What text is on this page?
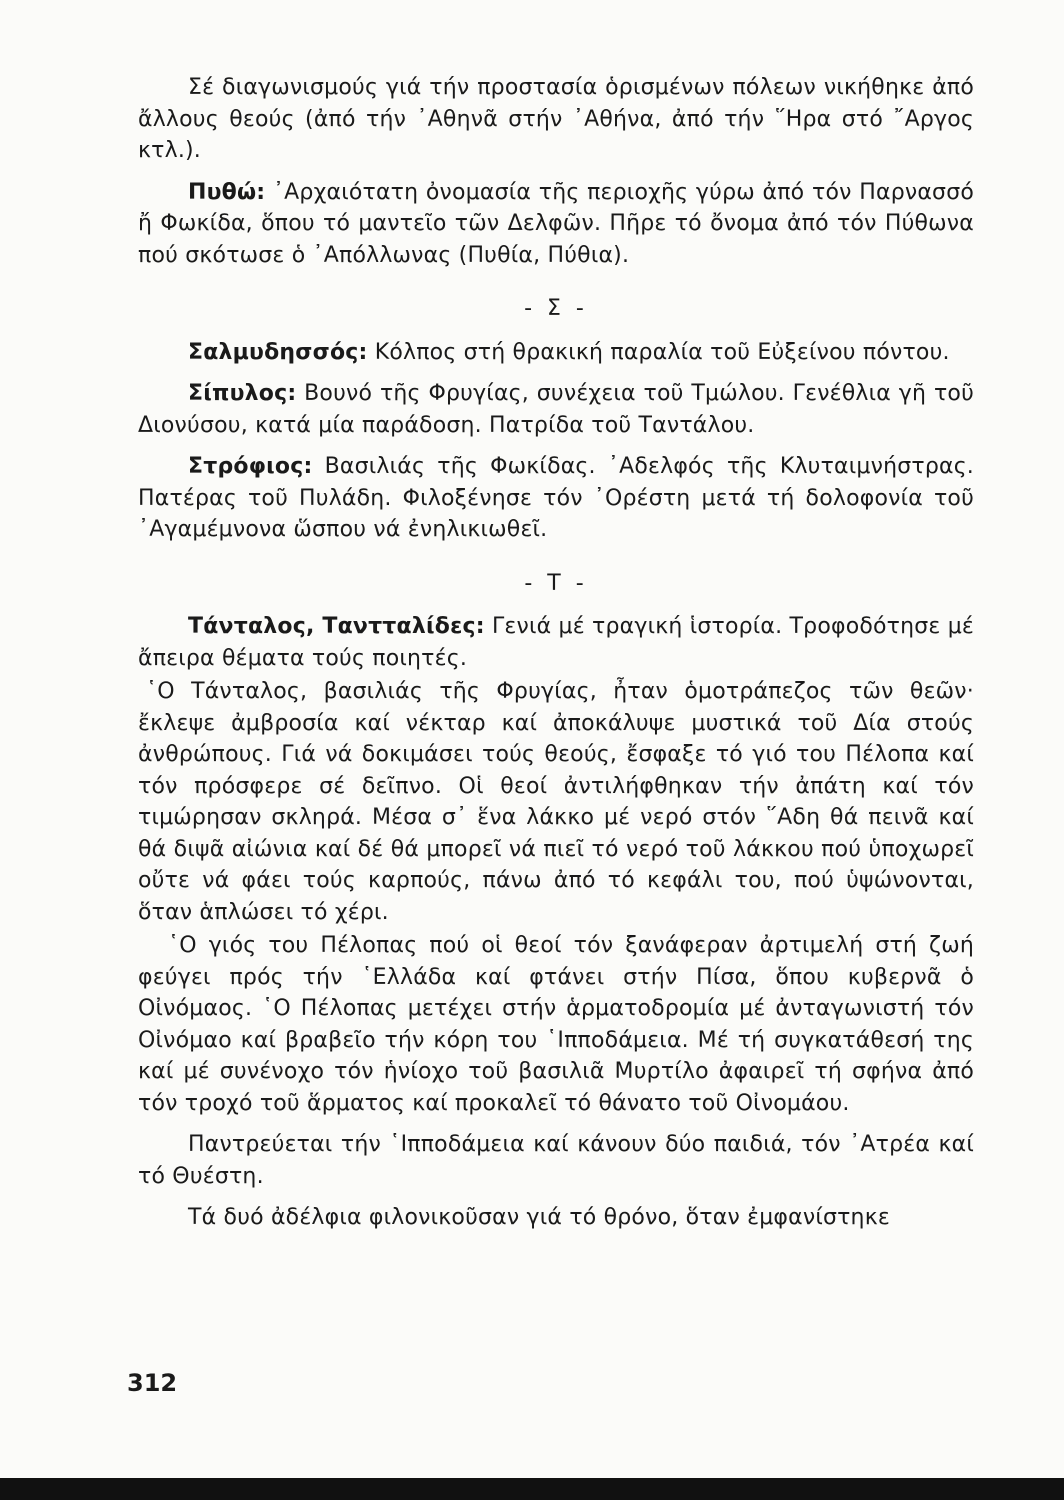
Σέ διαγωνισμούς γιά τήν προστασία ὁρισμένων πόλεων νικήθηκε ἀπό ἄλλους θεούς (ἀπό τήν ᾿Αθηνᾶ στήν ᾿Αθήνα, ἀπό τήν ῞Ηρα στό ῎Αργος κτλ.).

Πυθώ: ᾿Αρχαιότατη ὀνομασία τῆς περιοχῆς γύρω ἀπό τόν Παρνασσό ἤ Φωκίδα, ὅπου τό μαντεῖο τῶν Δελφῶν. Πῆρε τό ὄνομα ἀπό τόν Πύθωνα πού σκότωσε ὁ ᾿Απόλλωνας (Πυθία, Πύθια).

- Σ -

Σαλμυδησσός: Κόλπος στή θρακική παραλία τοῦ Εὐξείνου πόντου.

Σίπυλος: Βουνό τῆς Φρυγίας, συνέχεια τοῦ Τμώλου. Γενέθλια γῆ τοῦ Διονύσου, κατά μία παράδοση. Πατρίδα τοῦ Ταντάλου.

Στρόφιος: Βασιλιάς τῆς Φωκίδας. ᾿Αδελφός τῆς Κλυταιμνήστρας. Πατέρας τοῦ Πυλάδη. Φιλοξένησε τόν ᾿Ορέστη μετά τή δολοφονία τοῦ ᾿Αγαμέμνονα ὥσπου νά ἐνηλικιωθεῖ.

- Τ -

Τάνταλος, Ταντταλίδες: Γενιά μέ τραγική ἱστορία. Τροφοδότησε μέ ἄπειρα θέματα τούς ποιητές.

῾Ο Τάνταλος, βασιλιάς τῆς Φρυγίας, ἦταν ὁμοτράπεζος τῶν θεῶν· ἔκλεψε ἀμβροσία καί νέκταρ καί ἀποκάλυψε μυστικά τοῦ Δία στούς ἀνθρώπους. Γιά νά δοκιμάσει τούς θεούς, ἔσφαξε τό γιό του Πέλοπα καί τόν πρόσφερε σέ δεῖπνο. Οἱ θεοί ἀντιλήφθηκαν τήν ἀπάτη καί τόν τιμώρησαν σκληρά. Μέσα σ᾿ ἕνα λάκκο μέ νερό στόν ῞Αδη θά πεινᾶ καί θά διψᾶ αἰώνια καί δέ θά μπορεῖ νά πιεῖ τό νερό τοῦ λάκκου πού ὑποχωρεῖ οὔτε νά φάει τούς καρπούς, πάνω ἀπό τό κεφάλι του, πού ὑψώνονται, ὅταν ἁπλώσει τό χέρι.

῾Ο γιός του Πέλοπας πού οἱ θεοί τόν ξανάφεραν ἀρτιμελή στή ζωή φεύγει πρός τήν ῾Ελλάδα καί φτάνει στήν Πίσα, ὅπου κυβερνᾶ ὁ Οἰνόμαος. ῾Ο Πέλοπας μετέχει στήν ἁρματοδρομία μέ ἀνταγωνιστή τόν Οἰνόμαο καί βραβεῖο τήν κόρη του ῾Ιπποδάμεια. Μέ τή συγκατάθεσή της καί μέ συνένοχο τόν ἡνίοχο τοῦ βασιλιᾶ Μυρτίλο ἀφαιρεῖ τή σφήνα ἀπό τόν τροχό τοῦ ἅρματος καί προκαλεῖ τό θάνατο τοῦ Οἰνομάου.

Παντρεύεται τήν ῾Ιπποδάμεια καί κάνουν δύο παιδιά, τόν ᾿Ατρέα καί τό Θυέστη.

Τά δυό ἀδέλφια φιλονικοῦσαν γιά τό θρόνο, ὅταν ἐμφανίστηκε

312
